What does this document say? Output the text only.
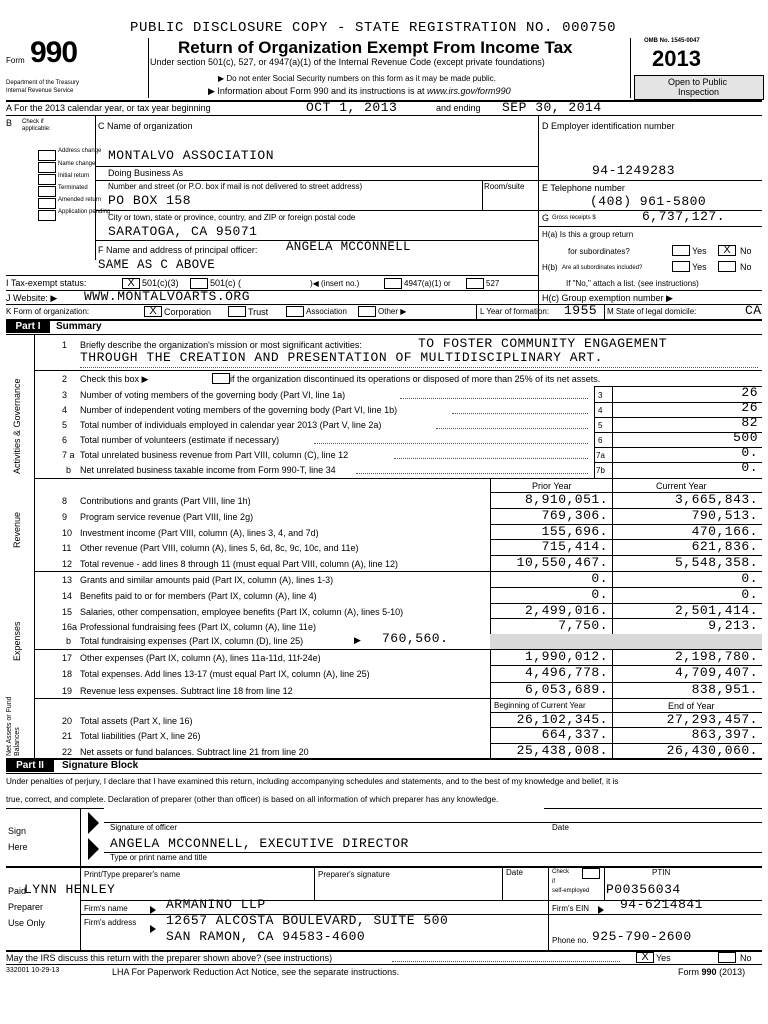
PUBLIC DISCLOSURE COPY - STATE REGISTRATION NO. 000750
Form 990
Department of the Treasury
Internal Revenue Service
Return of Organization Exempt From Income Tax
Under section 501(c), 527, or 4947(a)(1) of the Internal Revenue Code (except private foundations)
▶ Do not enter Social Security numbers on this form as it may be made public.
▶ Information about Form 990 and its instructions is at www.irs.gov/form990
OMB No. 1545-0047
2013
Open to Public
Inspection
A For the 2013 calendar year, or tax year beginning	OCT 1, 2013	and ending SEP 30, 2014
B Check if applicable:
Address change
Name change
Initial return
Terminated
Amended return
Application pending
C Name of organization
MONTALVO ASSOCIATION
Doing Business As
Number and street (or P.O. box if mail is not delivered to street address)	Room/suite
PO BOX 158
City or town, state or province, country, and ZIP or foreign postal code
SARATOGA, CA 95071
F Name and address of principal officer: ANGELA MCCONNELL
SAME AS C ABOVE
D Employer identification number
94-1249283
E Telephone number
(408) 961-5800
G Gross receipts $	6,737,127.
H(a) Is this a group return
for subordinates?	Yes	X	No
H(b) Are all subordinates included?	Yes	No
If "No," attach a list. (see instructions)
I Tax-exempt status:	X 501(c)(3)	501(c) (	)◀ (insert no.)	4947(a)(1) or	527
J Website: ▶ WWW.MONTALVOARTS.ORG	H(c) Group exemption number ▶
K Form of organization:	X Corporation	Trust	Association	Other ▶	L Year of formation: 1955 M State of legal domicile:	CA
Part I	Summary
Activities & Governance
Revenue
Expenses
Net Assets or Fund Balances
1 Briefly describe the organization's mission or most significant activities:	TO FOSTER COMMUNITY ENGAGEMENT
THROUGH THE CREATION AND PRESENTATION OF MULTIDISCIPLINARY ART.
2 Check this box ▶	if the organization discontinued its operations or disposed of more than 25% of its net assets.
3 Number of voting members of the governing body (Part VI, line 1a)	3	26
4 Number of independent voting members of the governing body (Part VI, line 1b)	4	26
5 Total number of individuals employed in calendar year 2013 (Part V, line 2a)	5	82
6 Total number of volunteers (estimate if necessary)	6	500
7 a Total unrelated business revenue from Part VIII, column (C), line 12	7a	0.
b Net unrelated business taxable income from Form 990-T, line 34	7b	0.
Prior Year	Current Year
8 Contributions and grants (Part VIII, line 1h)	8,910,051.	3,665,843.
9 Program service revenue (Part VIII, line 2g)	769,306.	790,513.
10 Investment income (Part VIII, column (A), lines 3, 4, and 7d)	155,696.	470,166.
11 Other revenue (Part VIII, column (A), lines 5, 6d, 8c, 9c, 10c, and 11e)	715,414.	621,836.
12 Total revenue - add lines 8 through 11 (must equal Part VIII, column (A), line 12)	10,550,467.	5,548,358.
13 Grants and similar amounts paid (Part IX, column (A), lines 1-3)	0.	0.
14 Benefits paid to or for members (Part IX, column (A), line 4)	0.	0.
15 Salaries, other compensation, employee benefits (Part IX, column (A), lines 5-10)	2,499,016.	2,501,414.
16a Professional fundraising fees (Part IX, column (A), line 11e)	7,750.	9,213.
b Total fundraising expenses (Part IX, column (D), line 25)	▶ 760,560.
17 Other expenses (Part IX, column (A), lines 11a-11d, 11f-24e)	1,990,012.	2,198,780.
18 Total expenses. Add lines 13-17 (must equal Part IX, column (A), line 25)	4,496,778.	4,709,407.
19 Revenue less expenses. Subtract line 18 from line 12	6,053,689.	838,951.
Beginning of Current Year	End of Year
20 Total assets (Part X, line 16)	26,102,345.	27,293,457.
21 Total liabilities (Part X, line 26)	664,337.	863,397.
22 Net assets or fund balances. Subtract line 21 from line 20	25,438,008.	26,430,060.
Part II	Signature Block
Under penalties of perjury, I declare that I have examined this return, including accompanying schedules and statements, and to the best of my knowledge and belief, it is
true, correct, and complete. Declaration of preparer (other than officer) is based on all information of which preparer has any knowledge.
Sign
Here
Signature of officer	Date
ANGELA MCCONNELL, EXECUTIVE DIRECTOR
Type or print name and title
Paid
Preparer
Use Only
Print/Type preparer's name	Preparer's signature	Date	Check
if
self-employed
PTIN
LYNN HENLEY	P00356034
Firm's name	ARMANINO LLP	Firm's EIN 94-6214841
Firm's address 12657 ALCOSTA BOULEVARD, SUITE 500
SAN RAMON, CA 94583-4600	Phone no. 925-790-2600
May the IRS discuss this return with the preparer shown above? (see instructions)	X Yes	No
332001 10-29-13	LHA For Paperwork Reduction Act Notice, see the separate instructions.	Form 990 (2013)
